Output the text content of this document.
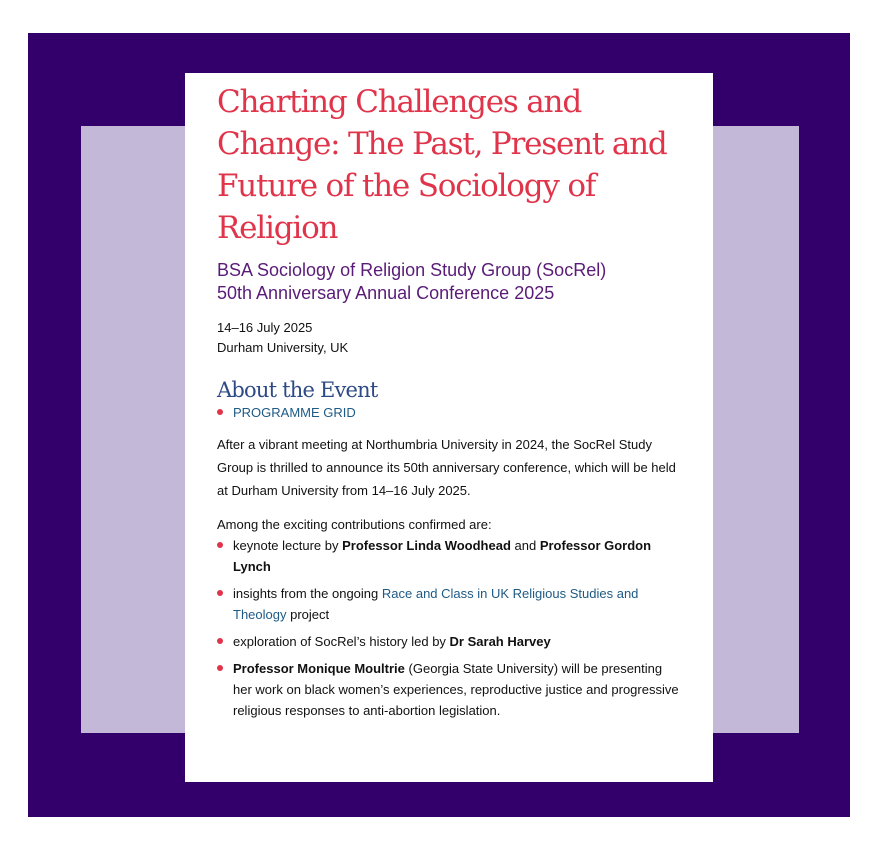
Charting Challenges and Change: The Past, Present and Future of the Sociology of Religion
BSA Sociology of Religion Study Group (SocRel)
50th Anniversary Annual Conference 2025
14–16 July 2025
Durham University, UK
About the Event
PROGRAMME GRID

After a vibrant meeting at Northumbria University in 2024, the SocRel Study Group is thrilled to announce its 50th anniversary conference, which will be held at Durham University from 14–16 July 2025.

Among the exciting contributions confirmed are:

keynote lecture by Professor Linda Woodhead and Professor Gordon Lynch
insights from the ongoing Race and Class in UK Religious Studies and Theology project
exploration of SocRel’s history led by Dr Sarah Harvey
Professor Monique Moultrie (Georgia State University) will be presenting her work on black women’s experiences, reproductive justice and progressive religious responses to anti-abortion legislation.
